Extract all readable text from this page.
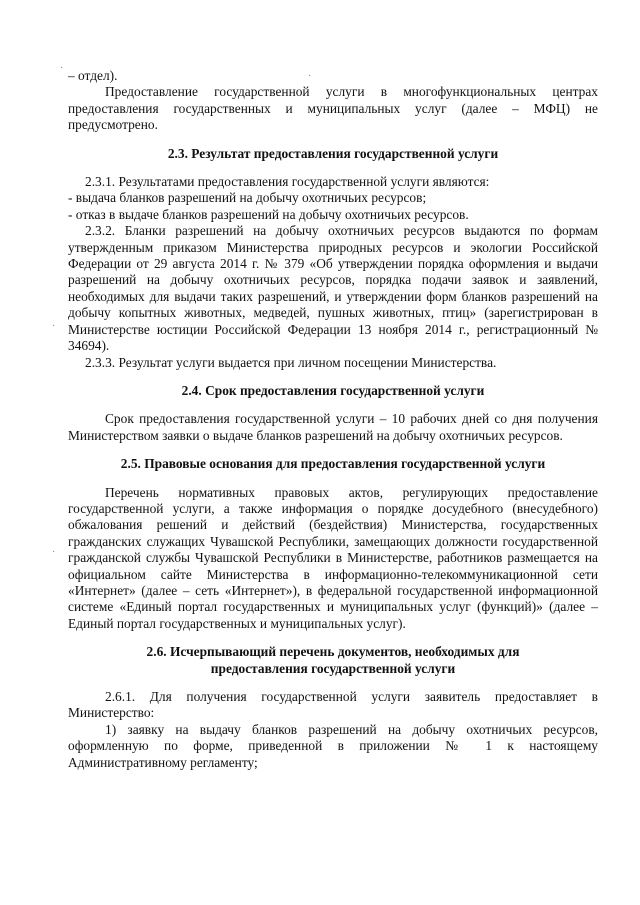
– отдел).

Предоставление государственной услуги в многофункциональных центрах предоставления государственных и муниципальных услуг (далее – МФЦ) не предусмотрено.

2.3. Результат предоставления государственной услуги

2.3.1. Результатами предоставления государственной услуги являются:

- выдача бланков разрешений на добычу охотничьих ресурсов;

- отказ в выдаче бланков разрешений на добычу охотничьих ресурсов.

2.3.2. Бланки разрешений на добычу охотничьих ресурсов выдаются по формам утвержденным приказом Министерства природных ресурсов и экологии Российской Федерации от 29 августа 2014 г. № 379 «Об утверждении порядка оформления и выдачи разрешений на добычу охотничьих ресурсов, порядка подачи заявок и заявлений, необходимых для выдачи таких разрешений, и утверждении форм бланков разрешений на добычу копытных животных, медведей, пушных животных, птиц» (зарегистрирован в Министерстве юстиции Российской Федерации 13 ноября 2014 г., регистрационный № 34694).

2.3.3. Результат услуги выдается при личном посещении Министерства.

2.4. Срок предоставления государственной услуги

Срок предоставления государственной услуги – 10 рабочих дней со дня получения Министерством заявки о выдаче бланков разрешений на добычу охотничьих ресурсов.

2.5. Правовые основания для предоставления государственной услуги

Перечень нормативных правовых актов, регулирующих предоставление государственной услуги, а также информация о порядке досудебного (внесудебного) обжалования решений и действий (бездействия) Министерства, государственных гражданских служащих Чувашской Республики, замещающих должности государственной гражданской службы Чувашской Республики в Министерстве, работников размещается на официальном сайте Министерства в информационно-телекоммуникационной сети «Интернет» (далее – сеть «Интернет»), в федеральной государственной информационной системе «Единый портал государственных и муниципальных услуг (функций)» (далее – Единый портал государственных и муниципальных услуг).

2.6. Исчерпывающий перечень документов, необходимых для
предоставления государственной услуги

2.6.1. Для получения государственной услуги заявитель предоставляет в Министерство:

1) заявку на выдачу бланков разрешений на добычу охотничьих ресурсов, оформленную по форме, приведенной в приложении № 1 к настоящему Административному регламенту;

·
·
·
·
